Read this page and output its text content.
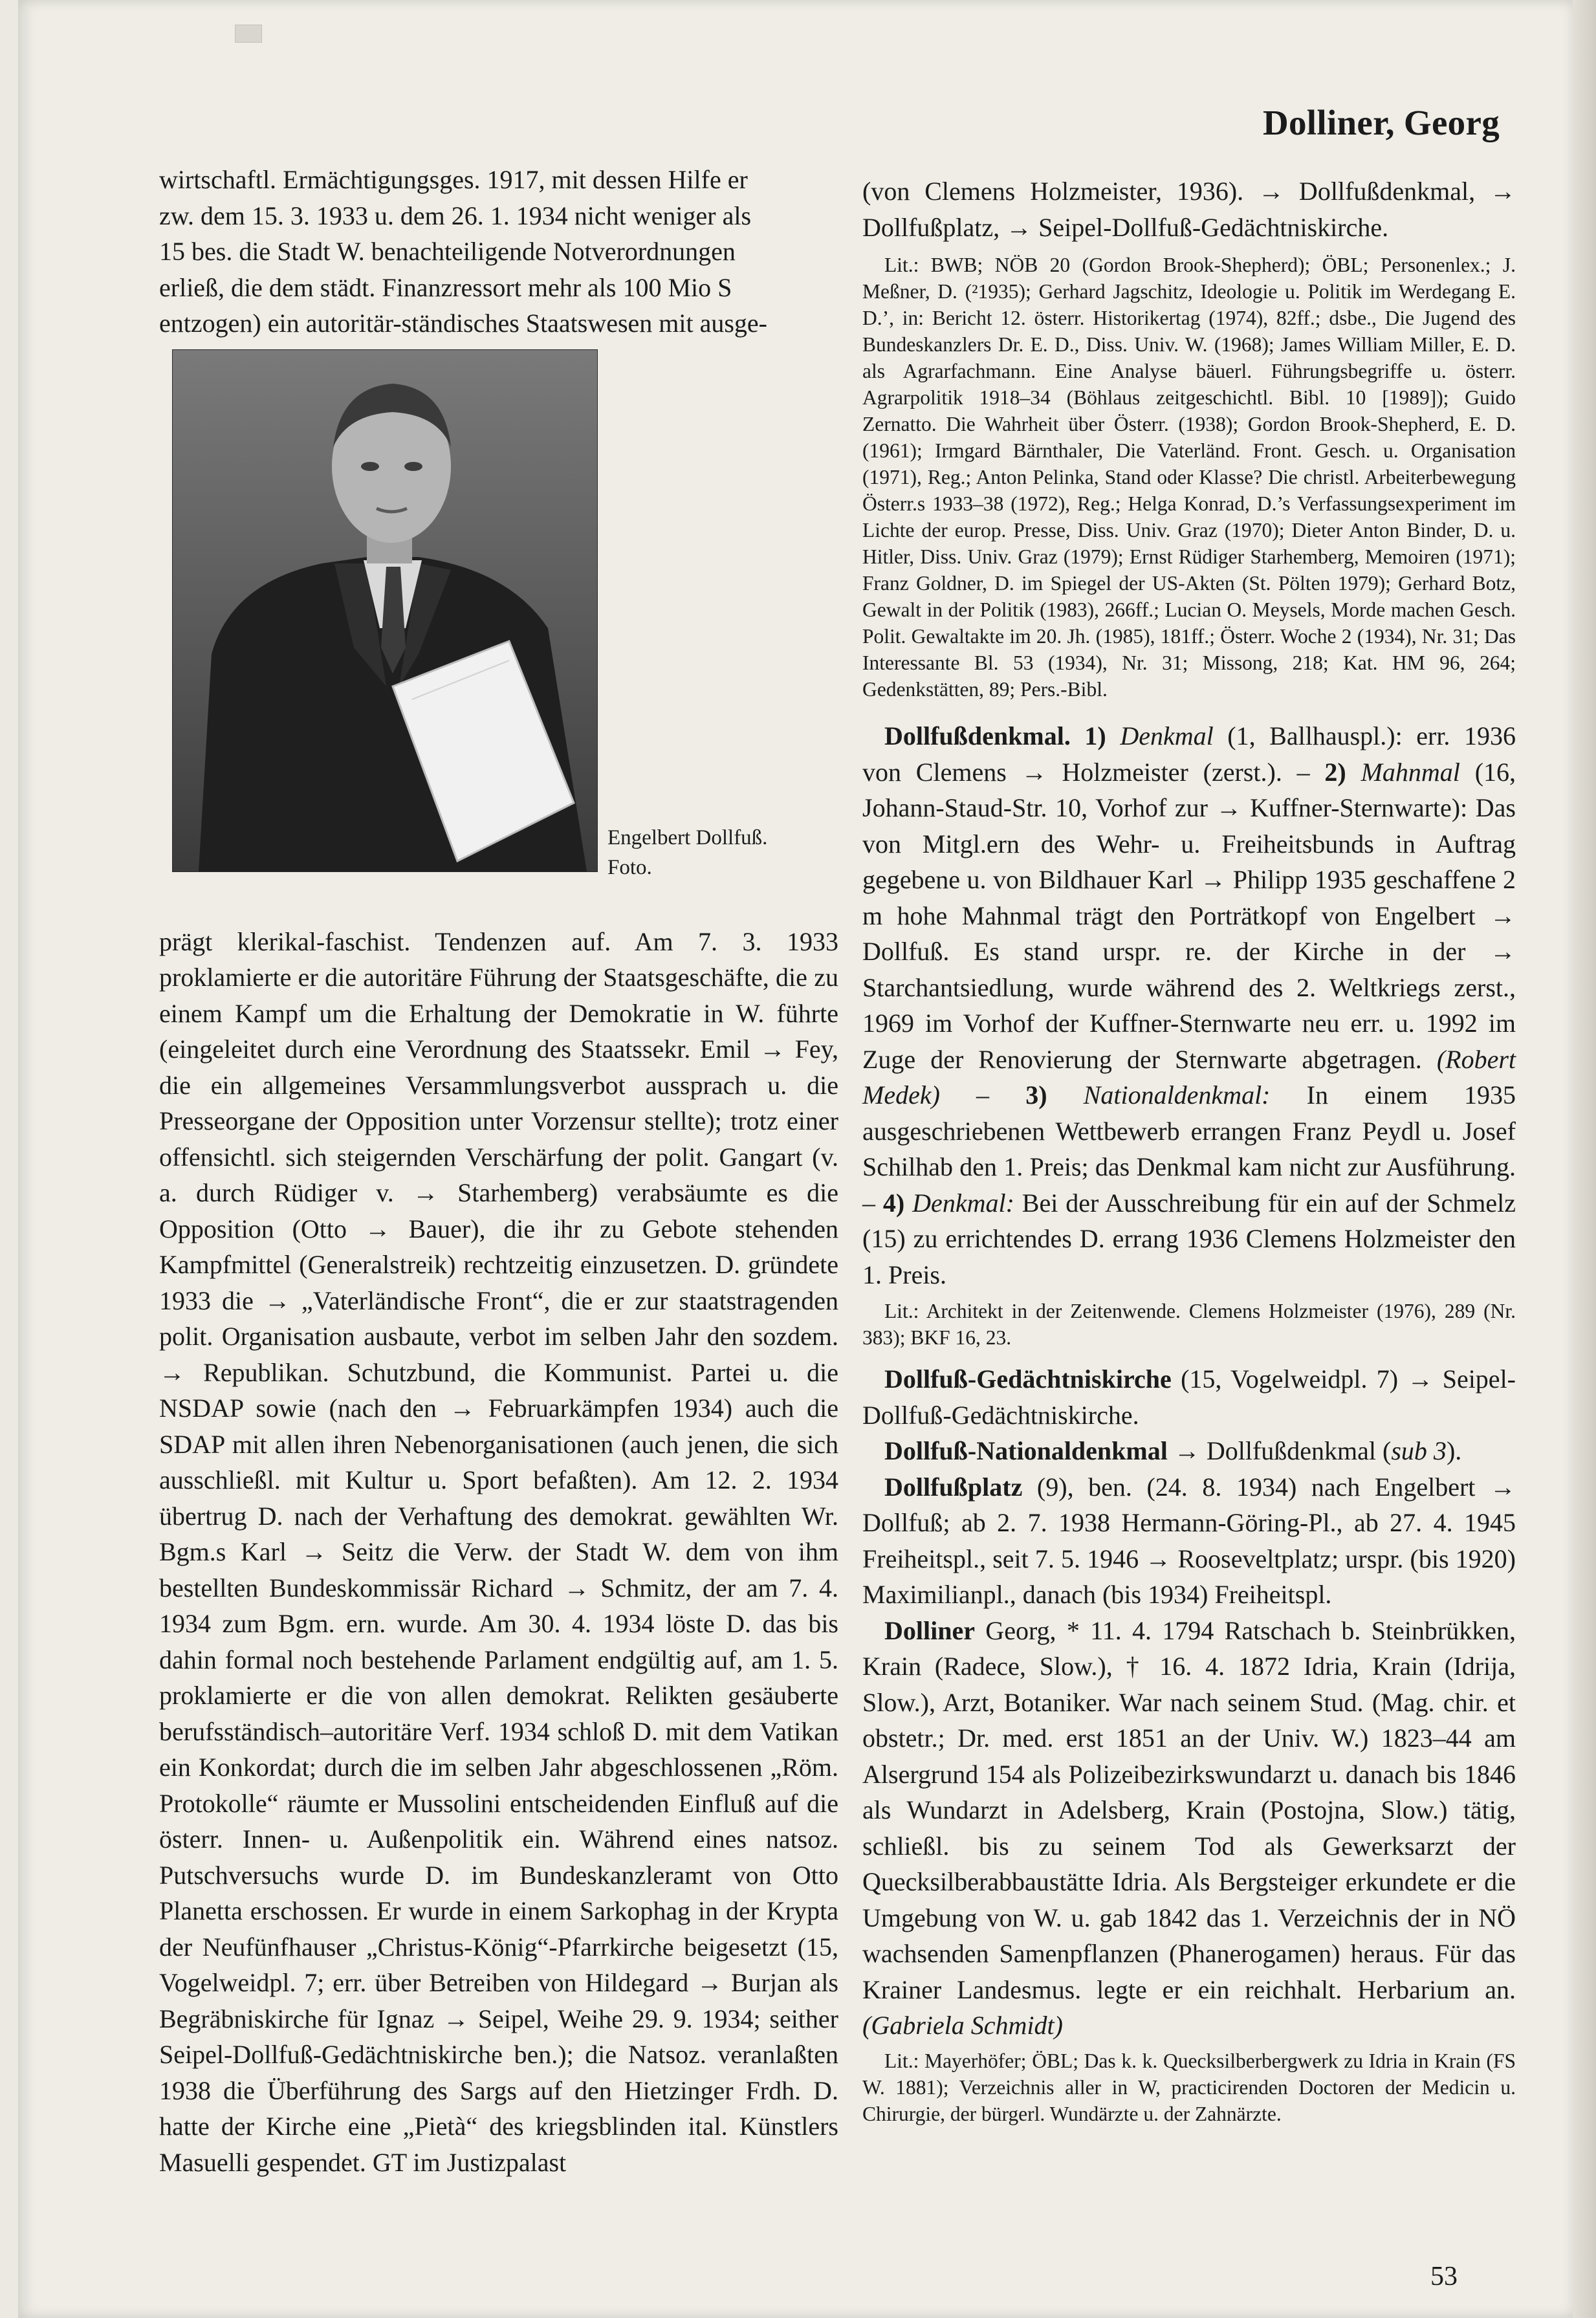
Dolliner, Georg

wirtschaftl. Ermächtigungsges. 1917, mit dessen Hilfe er

zw. dem 15. 3. 1933 u. dem 26. 1. 1934 nicht weniger als

15 bes. die Stadt W. benachteiligende Notverordnungen

erließ, die dem städt. Finanzressort mehr als 100 Mio S

entzogen) ein autoritär-ständisches Staatswesen mit ausge-

Engelbert Dollfuß.
Foto.

prägt klerikal-faschist. Tendenzen auf. Am 7. 3. 1933 proklamierte er die autoritäre Führung der Staatsgeschäfte, die zu einem Kampf um die Erhaltung der Demokratie in W. führte (eingeleitet durch eine Verordnung des Staatssekr. Emil → Fey, die ein allgemeines Versammlungsverbot aussprach u. die Presseorgane der Opposition unter Vorzensur stellte); trotz einer offensichtl. sich steigernden Verschärfung der polit. Gangart (v. a. durch Rüdiger v. → Starhemberg) verabsäumte es die Opposition (Otto → Bauer), die ihr zu Gebote stehenden Kampfmittel (Generalstreik) rechtzeitig einzusetzen. D. gründete 1933 die → „Vaterländische Front“, die er zur staatstragenden polit. Organisation ausbaute, verbot im selben Jahr den sozdem. → Republikan. Schutzbund, die Kommunist. Partei u. die NSDAP sowie (nach den → Februarkämpfen 1934) auch die SDAP mit allen ihren Nebenorganisationen (auch jenen, die sich ausschließl. mit Kultur u. Sport befaßten). Am 12. 2. 1934 übertrug D. nach der Verhaftung des demokrat. gewählten Wr. Bgm.s Karl → Seitz die Verw. der Stadt W. dem von ihm bestellten Bundeskommissär Richard → Schmitz, der am 7. 4. 1934 zum Bgm. ern. wurde. Am 30. 4. 1934 löste D. das bis dahin formal noch bestehende Parlament endgültig auf, am 1. 5. proklamierte er die von allen demokrat. Relikten gesäuberte berufsständisch–autoritäre Verf. 1934 schloß D. mit dem Vatikan ein Konkordat; durch die im selben Jahr abgeschlossenen „Röm. Protokolle“ räumte er Mussolini entscheidenden Einfluß auf die österr. Innen- u. Außenpolitik ein. Während eines natsoz. Putschversuchs wurde D. im Bundeskanzleramt von Otto Planetta erschossen. Er wurde in einem Sarkophag in der Krypta der Neufünfhauser „Christus-König“-Pfarrkirche beigesetzt (15, Vogelweidpl. 7; err. über Betreiben von Hildegard → Burjan als Begräbniskirche für Ignaz → Seipel, Weihe 29. 9. 1934; seither Seipel-Dollfuß-Gedächtniskirche ben.); die Natsoz. veranlaßten 1938 die Überführung des Sargs auf den Hietzinger Frdh. D. hatte der Kirche eine „Pietà“ des kriegsblinden ital. Künstlers Masuelli gespendet. GT im Justizpalast

(von Clemens Holzmeister, 1936). → Dollfußdenkmal, → Dollfußplatz, → Seipel-Dollfuß-Gedächtniskirche.

Lit.: BWB; NÖB 20 (Gordon Brook-Shepherd); ÖBL; Personenlex.; J. Meßner, D. (²1935); Gerhard Jagschitz, Ideologie u. Politik im Werdegang E. D.’, in: Bericht 12. österr. Historikertag (1974), 82ff.; dsbe., Die Jugend des Bundeskanzlers Dr. E. D., Diss. Univ. W. (1968); James William Miller, E. D. als Agrarfachmann. Eine Analyse bäuerl. Führungsbegriffe u. österr. Agrarpolitik 1918–34 (Böhlaus zeitgeschichtl. Bibl. 10 [1989]); Guido Zernatto. Die Wahrheit über Österr. (1938); Gordon Brook-Shepherd, E. D. (1961); Irmgard Bärnthaler, Die Vaterländ. Front. Gesch. u. Organisation (1971), Reg.; Anton Pelinka, Stand oder Klasse? Die christl. Arbeiterbewegung Österr.s 1933–38 (1972), Reg.; Helga Konrad, D.’s Verfassungsexperiment im Lichte der europ. Presse, Diss. Univ. Graz (1970); Dieter Anton Binder, D. u. Hitler, Diss. Univ. Graz (1979); Ernst Rüdiger Starhemberg, Memoiren (1971); Franz Goldner, D. im Spiegel der US-Akten (St. Pölten 1979); Gerhard Botz, Gewalt in der Politik (1983), 266ff.; Lucian O. Meysels, Morde machen Gesch. Polit. Gewaltakte im 20. Jh. (1985), 181ff.; Österr. Woche 2 (1934), Nr. 31; Das Interessante Bl. 53 (1934), Nr. 31; Missong, 218; Kat. HM 96, 264; Gedenkstätten, 89; Pers.-Bibl.

Dollfußdenkmal. 1) Denkmal (1, Ballhauspl.): err. 1936 von Clemens → Holzmeister (zerst.). – 2) Mahnmal (16, Johann-Staud-Str. 10, Vorhof zur → Kuffner-Sternwarte): Das von Mitgl.ern des Wehr- u. Freiheitsbunds in Auftrag gegebene u. von Bildhauer Karl → Philipp 1935 geschaffene 2 m hohe Mahnmal trägt den Porträtkopf von Engelbert → Dollfuß. Es stand urspr. re. der Kirche in der → Starchantsiedlung, wurde während des 2. Weltkriegs zerst., 1969 im Vorhof der Kuffner-Sternwarte neu err. u. 1992 im Zuge der Renovierung der Sternwarte abgetragen. (Robert Medek) – 3) Nationaldenkmal: In einem 1935 ausgeschriebenen Wettbewerb errangen Franz Peydl u. Josef Schilhab den 1. Preis; das Denkmal kam nicht zur Ausführung. – 4) Denkmal: Bei der Ausschreibung für ein auf der Schmelz (15) zu errichtendes D. errang 1936 Clemens Holzmeister den 1. Preis.

Lit.: Architekt in der Zeitenwende. Clemens Holzmeister (1976), 289 (Nr. 383); BKF 16, 23.

Dollfuß-Gedächtniskirche (15, Vogelweidpl. 7) → Seipel-Dollfuß-Gedächtniskirche.

Dollfuß-Nationaldenkmal → Dollfußdenkmal (sub 3).

Dollfußplatz (9), ben. (24. 8. 1934) nach Engelbert → Dollfuß; ab 2. 7. 1938 Hermann-Göring-Pl., ab 27. 4. 1945 Freiheitspl., seit 7. 5. 1946 → Rooseveltplatz; urspr. (bis 1920) Maximilianpl., danach (bis 1934) Freiheitspl.

Dolliner Georg, * 11. 4. 1794 Ratschach b. Steinbrükken, Krain (Radece, Slow.), † 16. 4. 1872 Idria, Krain (Idrija, Slow.), Arzt, Botaniker. War nach seinem Stud. (Mag. chir. et obstetr.; Dr. med. erst 1851 an der Univ. W.) 1823–44 am Alsergrund 154 als Polizeibezirkswundarzt u. danach bis 1846 als Wundarzt in Adelsberg, Krain (Postojna, Slow.) tätig, schließl. bis zu seinem Tod als Gewerksarzt der Quecksilberabbaustätte Idria. Als Bergsteiger erkundete er die Umgebung von W. u. gab 1842 das 1. Verzeichnis der in NÖ wachsenden Samenpflanzen (Phanerogamen) heraus. Für das Krainer Landesmus. legte er ein reichhalt. Herbarium an. (Gabriela Schmidt)

Lit.: Mayerhöfer; ÖBL; Das k. k. Quecksilberbergwerk zu Idria in Krain (FS W. 1881); Verzeichnis aller in W, practicirenden Doctoren der Medicin u. Chirurgie, der bürgerl. Wundärzte u. der Zahnärzte.

53
